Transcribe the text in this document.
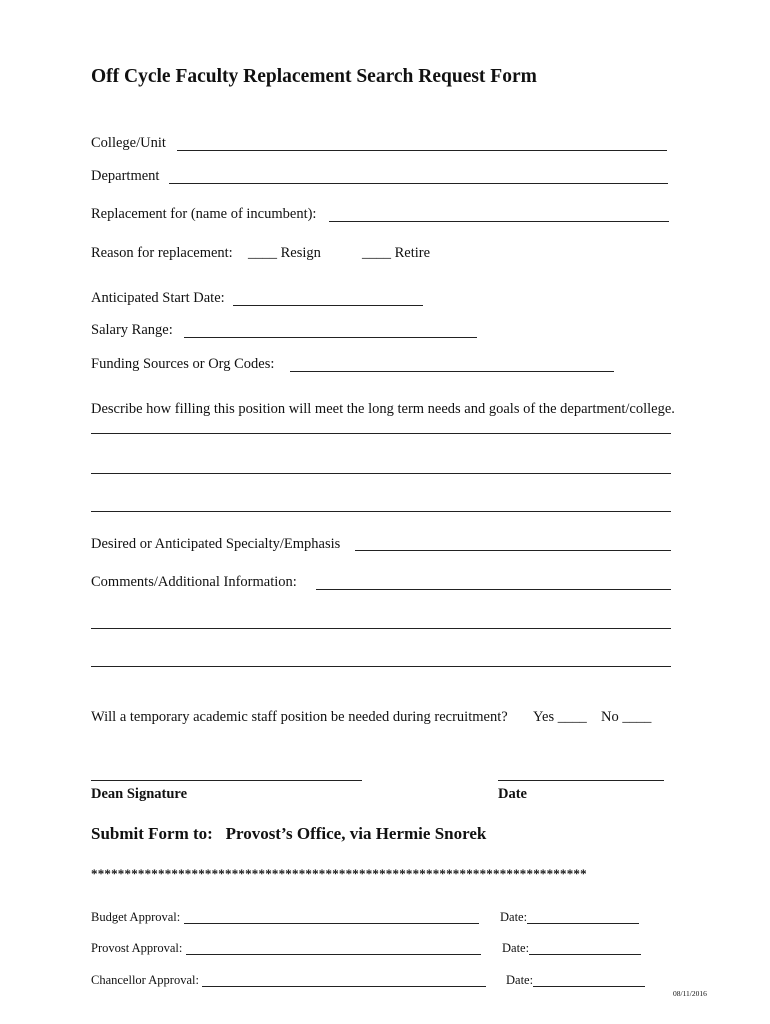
Off Cycle Faculty Replacement Search Request Form
College/Unit
Department
Replacement for (name of incumbent):
Reason for replacement: ____ Resign	____ Retire
Anticipated Start Date:
Salary Range:
Funding Sources or Org Codes:
Describe how filling this position will meet the long term needs and goals of the department/college.
Desired or Anticipated Specialty/Emphasis
Comments/Additional Information:
Will a temporary academic staff position be needed during recruitment? Yes ____ No ____
Dean Signature	Date
Submit Form to:   Provost’s Office, via Hermie Snorek
**************************************************************************
Budget Approval:	Date:
Provost Approval:	Date:
Chancellor Approval:	Date:
08/11/2016
